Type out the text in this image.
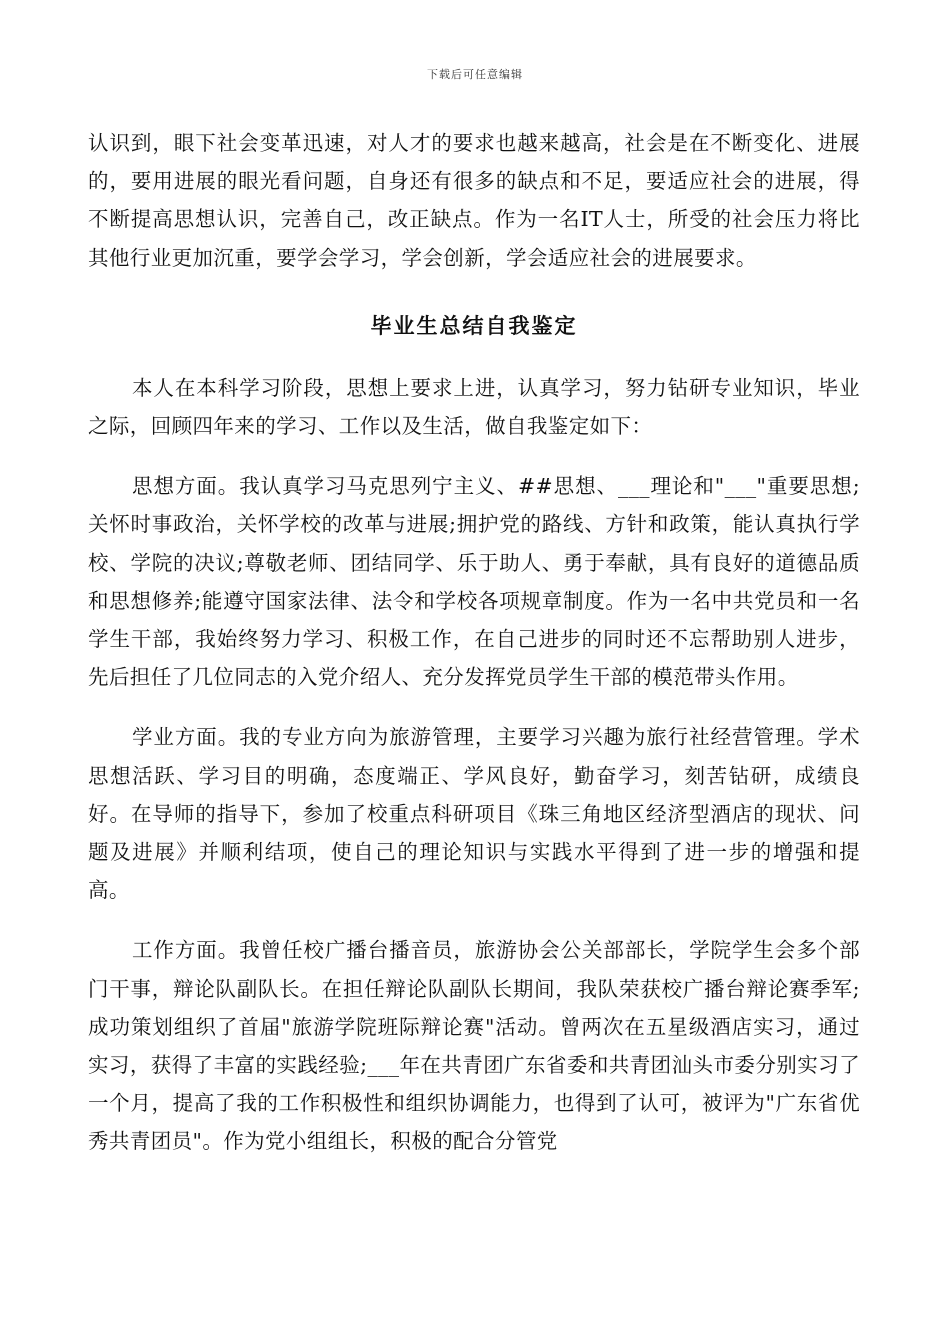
下载后可任意编辑

认识到，眼下社会变革迅速，对人才的要求也越来越高，社会是在不断变化、进展的，要用进展的眼光看问题，自身还有很多的缺点和不足，要适应社会的进展，得不断提高思想认识，完善自己，改正缺点。作为一名IT人士，所受的社会压力将比其他行业更加沉重，要学会学习，学会创新，学会适应社会的进展要求。

毕业生总结自我鉴定

本人在本科学习阶段，思想上要求上进，认真学习，努力钻研专业知识，毕业之际，回顾四年来的学习、工作以及生活，做自我鉴定如下：

思想方面。我认真学习马克思列宁主义、##思想、___理论和"___"重要思想;关怀时事政治，关怀学校的改革与进展;拥护党的路线、方针和政策，能认真执行学校、学院的决议;尊敬老师、团结同学、乐于助人、勇于奉献，具有良好的道德品质和思想修养;能遵守国家法律、法令和学校各项规章制度。作为一名中共党员和一名学生干部，我始终努力学习、积极工作，在自己进步的同时还不忘帮助别人进步，先后担任了几位同志的入党介绍人、充分发挥党员学生干部的模范带头作用。

学业方面。我的专业方向为旅游管理，主要学习兴趣为旅行社经营管理。学术思想活跃、学习目的明确，态度端正、学风良好，勤奋学习，刻苦钻研，成绩良好。在导师的指导下，参加了校重点科研项目《珠三角地区经济型酒店的现状、问题及进展》并顺利结项，使自己的理论知识与实践水平得到了进一步的增强和提高。

工作方面。我曾任校广播台播音员，旅游协会公关部部长，学院学生会多个部门干事，辩论队副队长。在担任辩论队副队长期间，我队荣获校广播台辩论赛季军;成功策划组织了首届"旅游学院班际辩论赛"活动。曾两次在五星级酒店实习，通过实习，获得了丰富的实践经验;___年在共青团广东省委和共青团汕头市委分别实习了一个月，提高了我的工作积极性和组织协调能力，也得到了认可，被评为"广东省优秀共青团员"。作为党小组组长，积极的配合分管党
